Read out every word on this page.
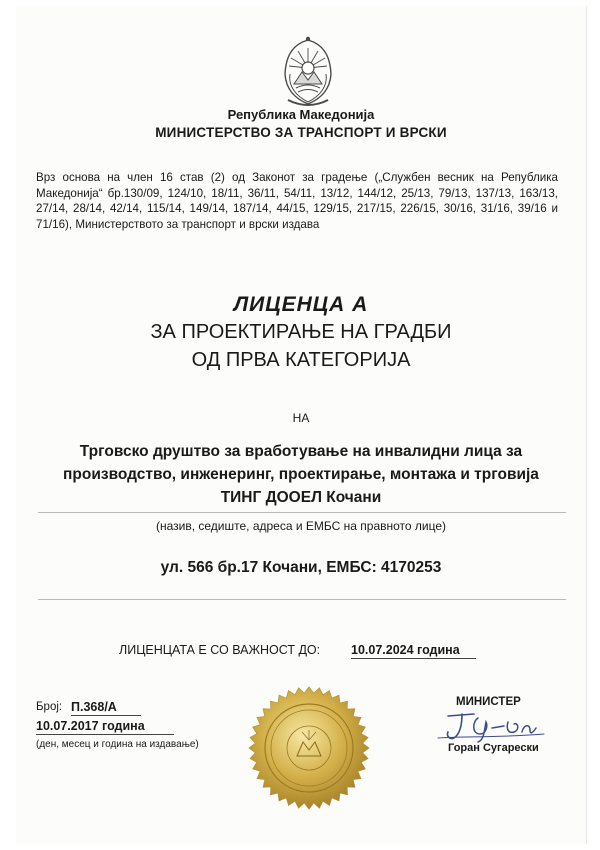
Република Македонија
МИНИСТЕРСТВО ЗА ТРАНСПОРТ И ВРСКИ
Врз основа на член 16 став (2) од Законот за градење („Службен весник на Република Македонија“ бр.130/09, 124/10, 18/11, 36/11, 54/11, 13/12, 144/12, 25/13, 79/13, 137/13, 163/13, 27/14, 28/14, 42/14, 115/14, 149/14, 187/14, 44/15, 129/15, 217/15, 226/15, 30/16, 31/16, 39/16 и 71/16), Министерството за транспорт и врски издава
ЛИЦЕНЦА А
ЗА ПРОЕКТИРАЊЕ НА ГРАДБИ
ОД ПРВА КАТЕГОРИЈА
НА
Трговско друштво за вработување на инвалидни лица за
производство, инженеринг, проектирање, монтажа и трговија
ТИНГ ДООЕЛ Кочани
(назив, седиште, адреса и ЕМБС на правното лице)
ул. 566 бр.17 Кочани, ЕМБС: 4170253
ЛИЦЕНЦАТА Е СО ВАЖНОСТ ДО: 10.07.2024 година
Број: П.368/А
10.07.2017 година
(ден, месец и година на издавање)
МИНИСТЕР
Горан Сугарески
